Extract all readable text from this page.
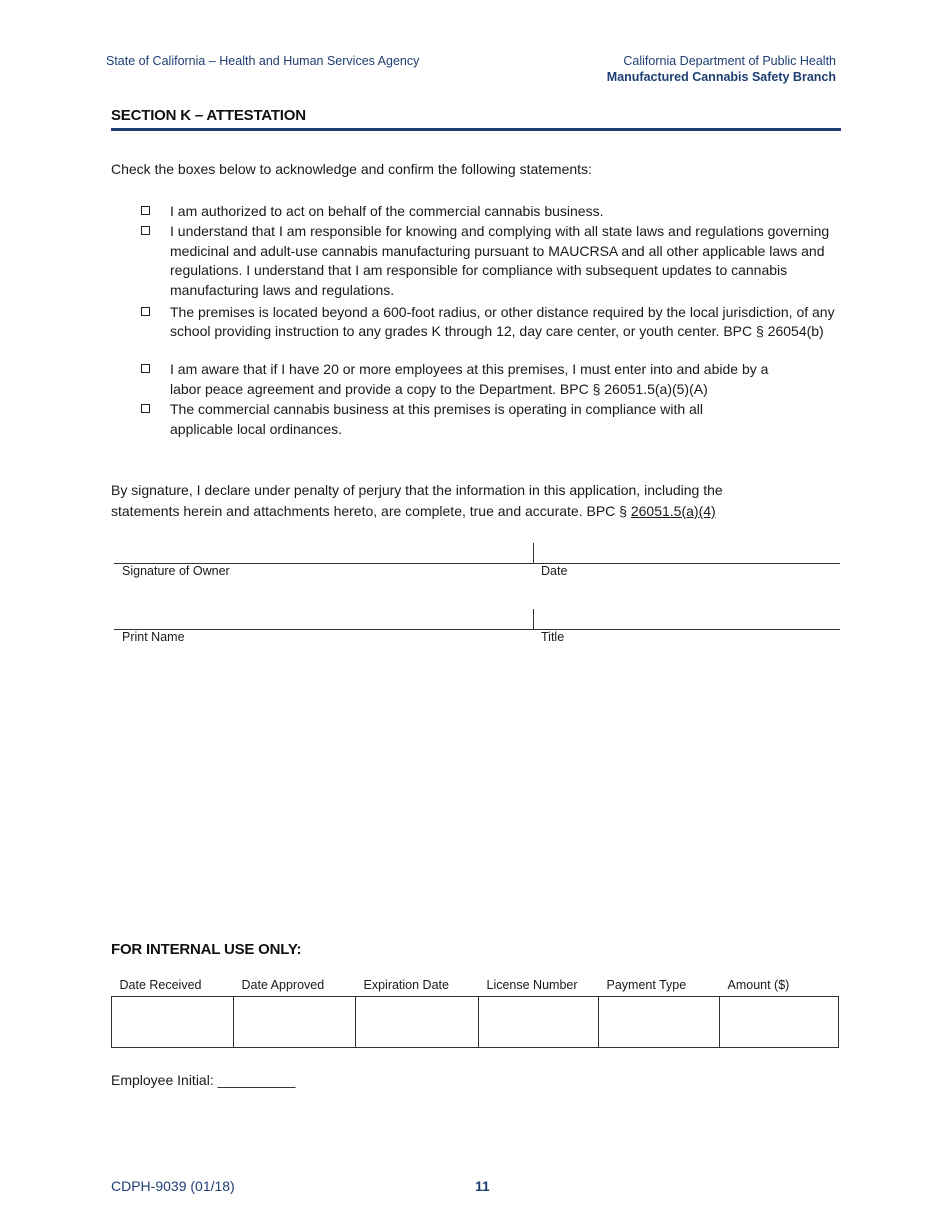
State of California – Health and Human Services Agency	California Department of Public Health
Manufactured Cannabis Safety Branch
SECTION K – ATTESTATION
Check the boxes below to acknowledge and confirm the following statements:
I am authorized to act on behalf of the commercial cannabis business.
I understand that I am responsible for knowing and complying with all state laws and regulations governing medicinal and adult-use cannabis manufacturing pursuant to MAUCRSA and all other applicable laws and regulations. I understand that I am responsible for compliance with subsequent updates to cannabis manufacturing laws and regulations.
The premises is located beyond a 600-foot radius, or other distance required by the local jurisdiction, of any school providing instruction to any grades K through 12, day care center, or youth center. BPC § 26054(b)
I am aware that if I have 20 or more employees at this premises, I must enter into and abide by a labor peace agreement and provide a copy to the Department. BPC § 26051.5(a)(5)(A)
The commercial cannabis business at this premises is operating in compliance with all applicable local ordinances.
By signature, I declare under penalty of perjury that the information in this application, including the statements herein and attachments hereto, are complete, true and accurate. BPC § 26051.5(a)(4)
Signature of Owner	Date
Print Name	Title
FOR INTERNAL USE ONLY:
Date Received	Date Approved	Expiration Date	License Number	Payment Type	Amount ($)

Employee Initial: __________
CDPH-9039 (01/18)	11
